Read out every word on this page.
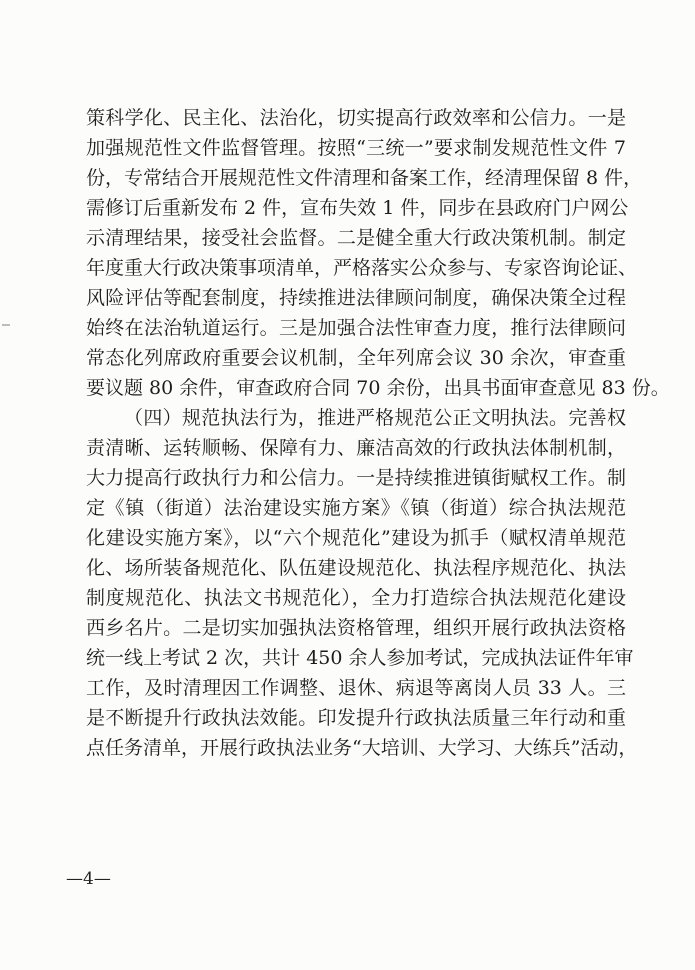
策科学化、民主化、法治化，切实提高行政效率和公信力。一是
加强规范性文件监督管理。按照“三统一”要求制发规范性文件 7
份，专常结合开展规范性文件清理和备案工作，经清理保留 8 件，
需修订后重新发布 2 件，宣布失效 1 件，同步在县政府门户网公
示清理结果，接受社会监督。二是健全重大行政决策机制。制定
年度重大行政决策事项清单，严格落实公众参与、专家咨询论证、
风险评估等配套制度，持续推进法律顾问制度，确保决策全过程
始终在法治轨道运行。三是加强合法性审查力度，推行法律顾问
常态化列席政府重要会议机制，全年列席会议 30 余次，审查重
要议题 80 余件，审查政府合同 70 余份，出具书面审查意见 83 份。
（四）规范执法行为，推进严格规范公正文明执法。完善权
责清晰、运转顺畅、保障有力、廉洁高效的行政执法体制机制，
大力提高行政执行力和公信力。一是持续推进镇街赋权工作。制
定《镇（街道）法治建设实施方案》《镇（街道）综合执法规范
化建设实施方案》，以“六个规范化”建设为抓手（赋权清单规范
化、场所装备规范化、队伍建设规范化、执法程序规范化、执法
制度规范化、执法文书规范化），全力打造综合执法规范化建设
西乡名片。二是切实加强执法资格管理，组织开展行政执法资格
统一线上考试 2 次，共计 450 余人参加考试，完成执法证件年审
工作，及时清理因工作调整、退休、病退等离岗人员 33 人。三
是不断提升行政执法效能。印发提升行政执法质量三年行动和重
点任务清单，开展行政执法业务“大培训、大学习、大练兵”活动，
—4—
